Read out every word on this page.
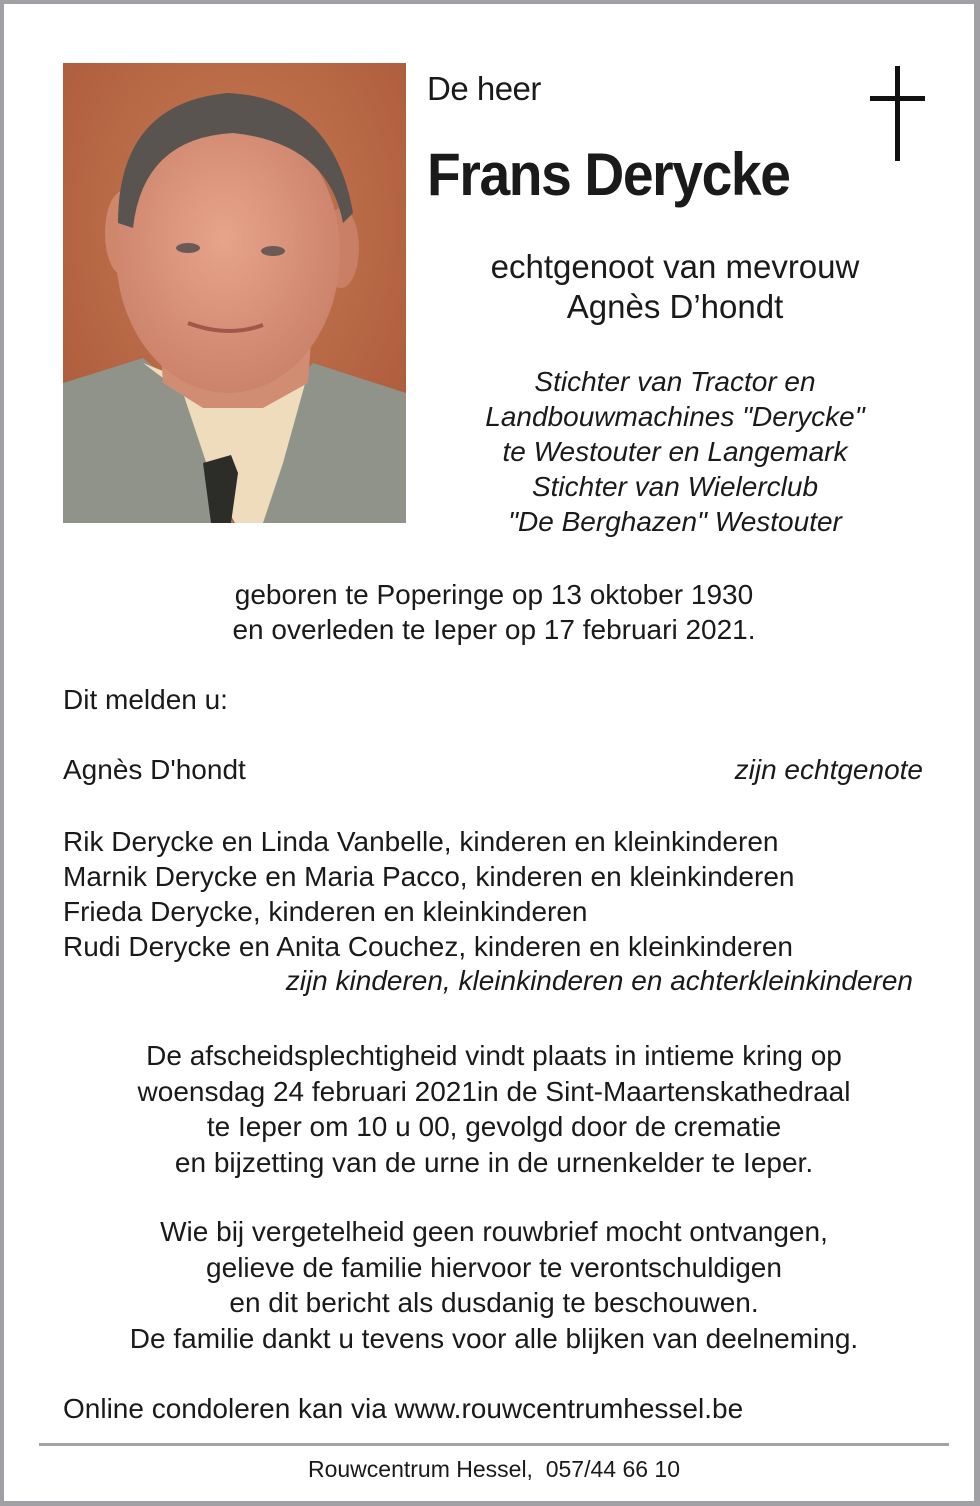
De heer
Frans Derycke
echtgenoot van mevrouw
Agnès D’hondt
Stichter van Tractor en
Landbouwmachines "Derycke"
te Westouter en Langemark
Stichter van Wielerclub
"De Berghazen" Westouter
geboren te Poperinge op 13 oktober 1930
en overleden te Ieper op 17 februari 2021.
Dit melden u:
Agnès D'hondt	zijn echtgenote
Rik Derycke en Linda Vanbelle, kinderen en kleinkinderen
Marnik Derycke en Maria Pacco, kinderen en kleinkinderen
Frieda Derycke, kinderen en kleinkinderen
Rudi Derycke en Anita Couchez, kinderen en kleinkinderen
zijn kinderen, kleinkinderen en achterkleinkinderen
De afscheidsplechtigheid vindt plaats in intieme kring op
woensdag 24 februari 2021in de Sint-Maartenskathedraal
te Ieper om 10 u 00, gevolgd door de crematie
en bijzetting van de urne in de urnenkelder te Ieper.
Wie bij vergetelheid geen rouwbrief mocht ontvangen,
gelieve de familie hiervoor te verontschuldigen
en dit bericht als dusdanig te beschouwen.
De familie dankt u tevens voor alle blijken van deelneming.
Online condoleren kan via www.rouwcentrumhessel.be
Rouwcentrum Hessel,  057/44 66 10
